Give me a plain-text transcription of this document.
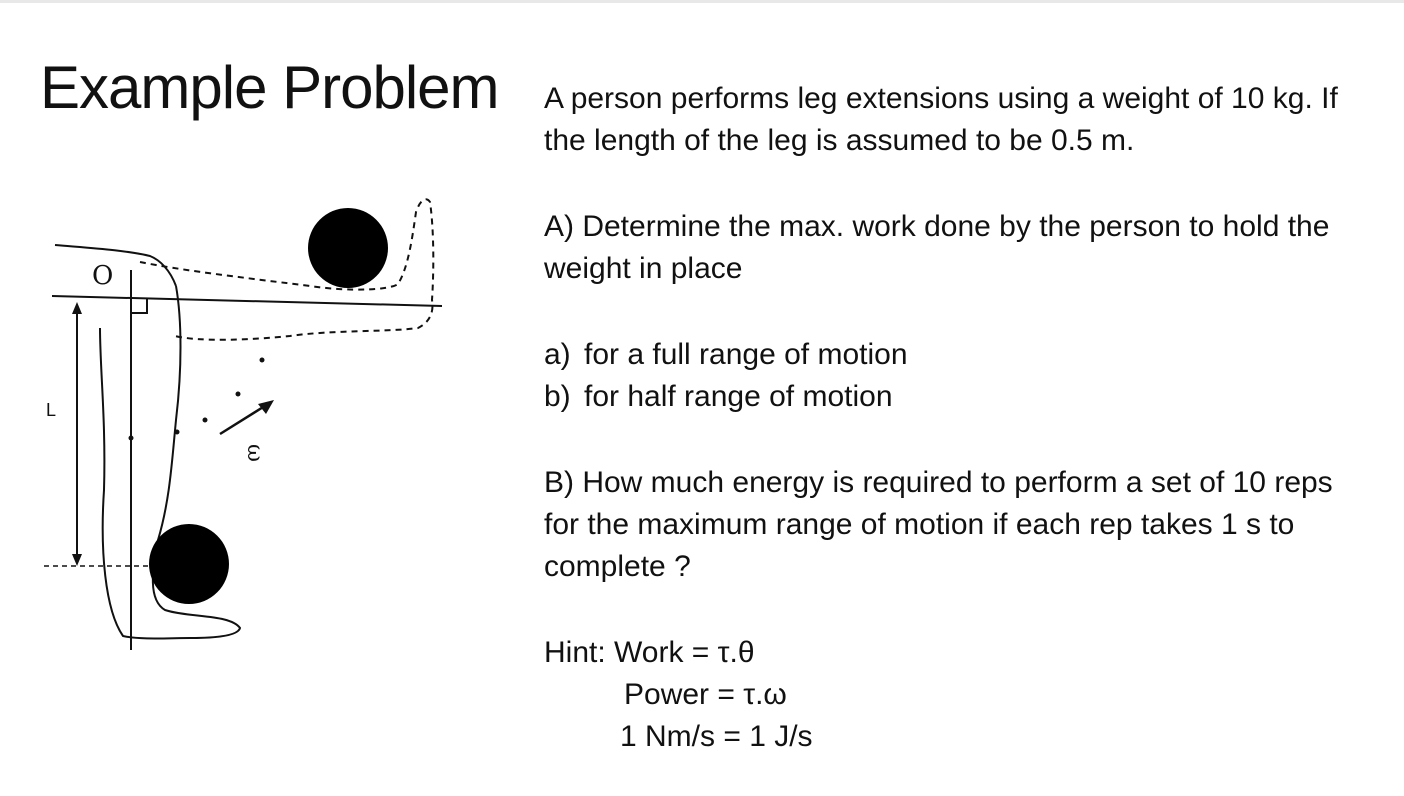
Example Problem
O
L
ω

A person performs leg extensions using a weight of 10 kg. If the length of the leg is assumed to be 0.5 m.

A) Determine the max. work done by the person to hold the weight in place

a) for a full range of motion
b) for half range of motion

B) How much energy is required to perform a set of 10 reps for the maximum range of motion if each rep takes 1 s to complete ?

Hint: Work = τ.θ

Power = τ.ω

1 Nm/s = 1 J/s
